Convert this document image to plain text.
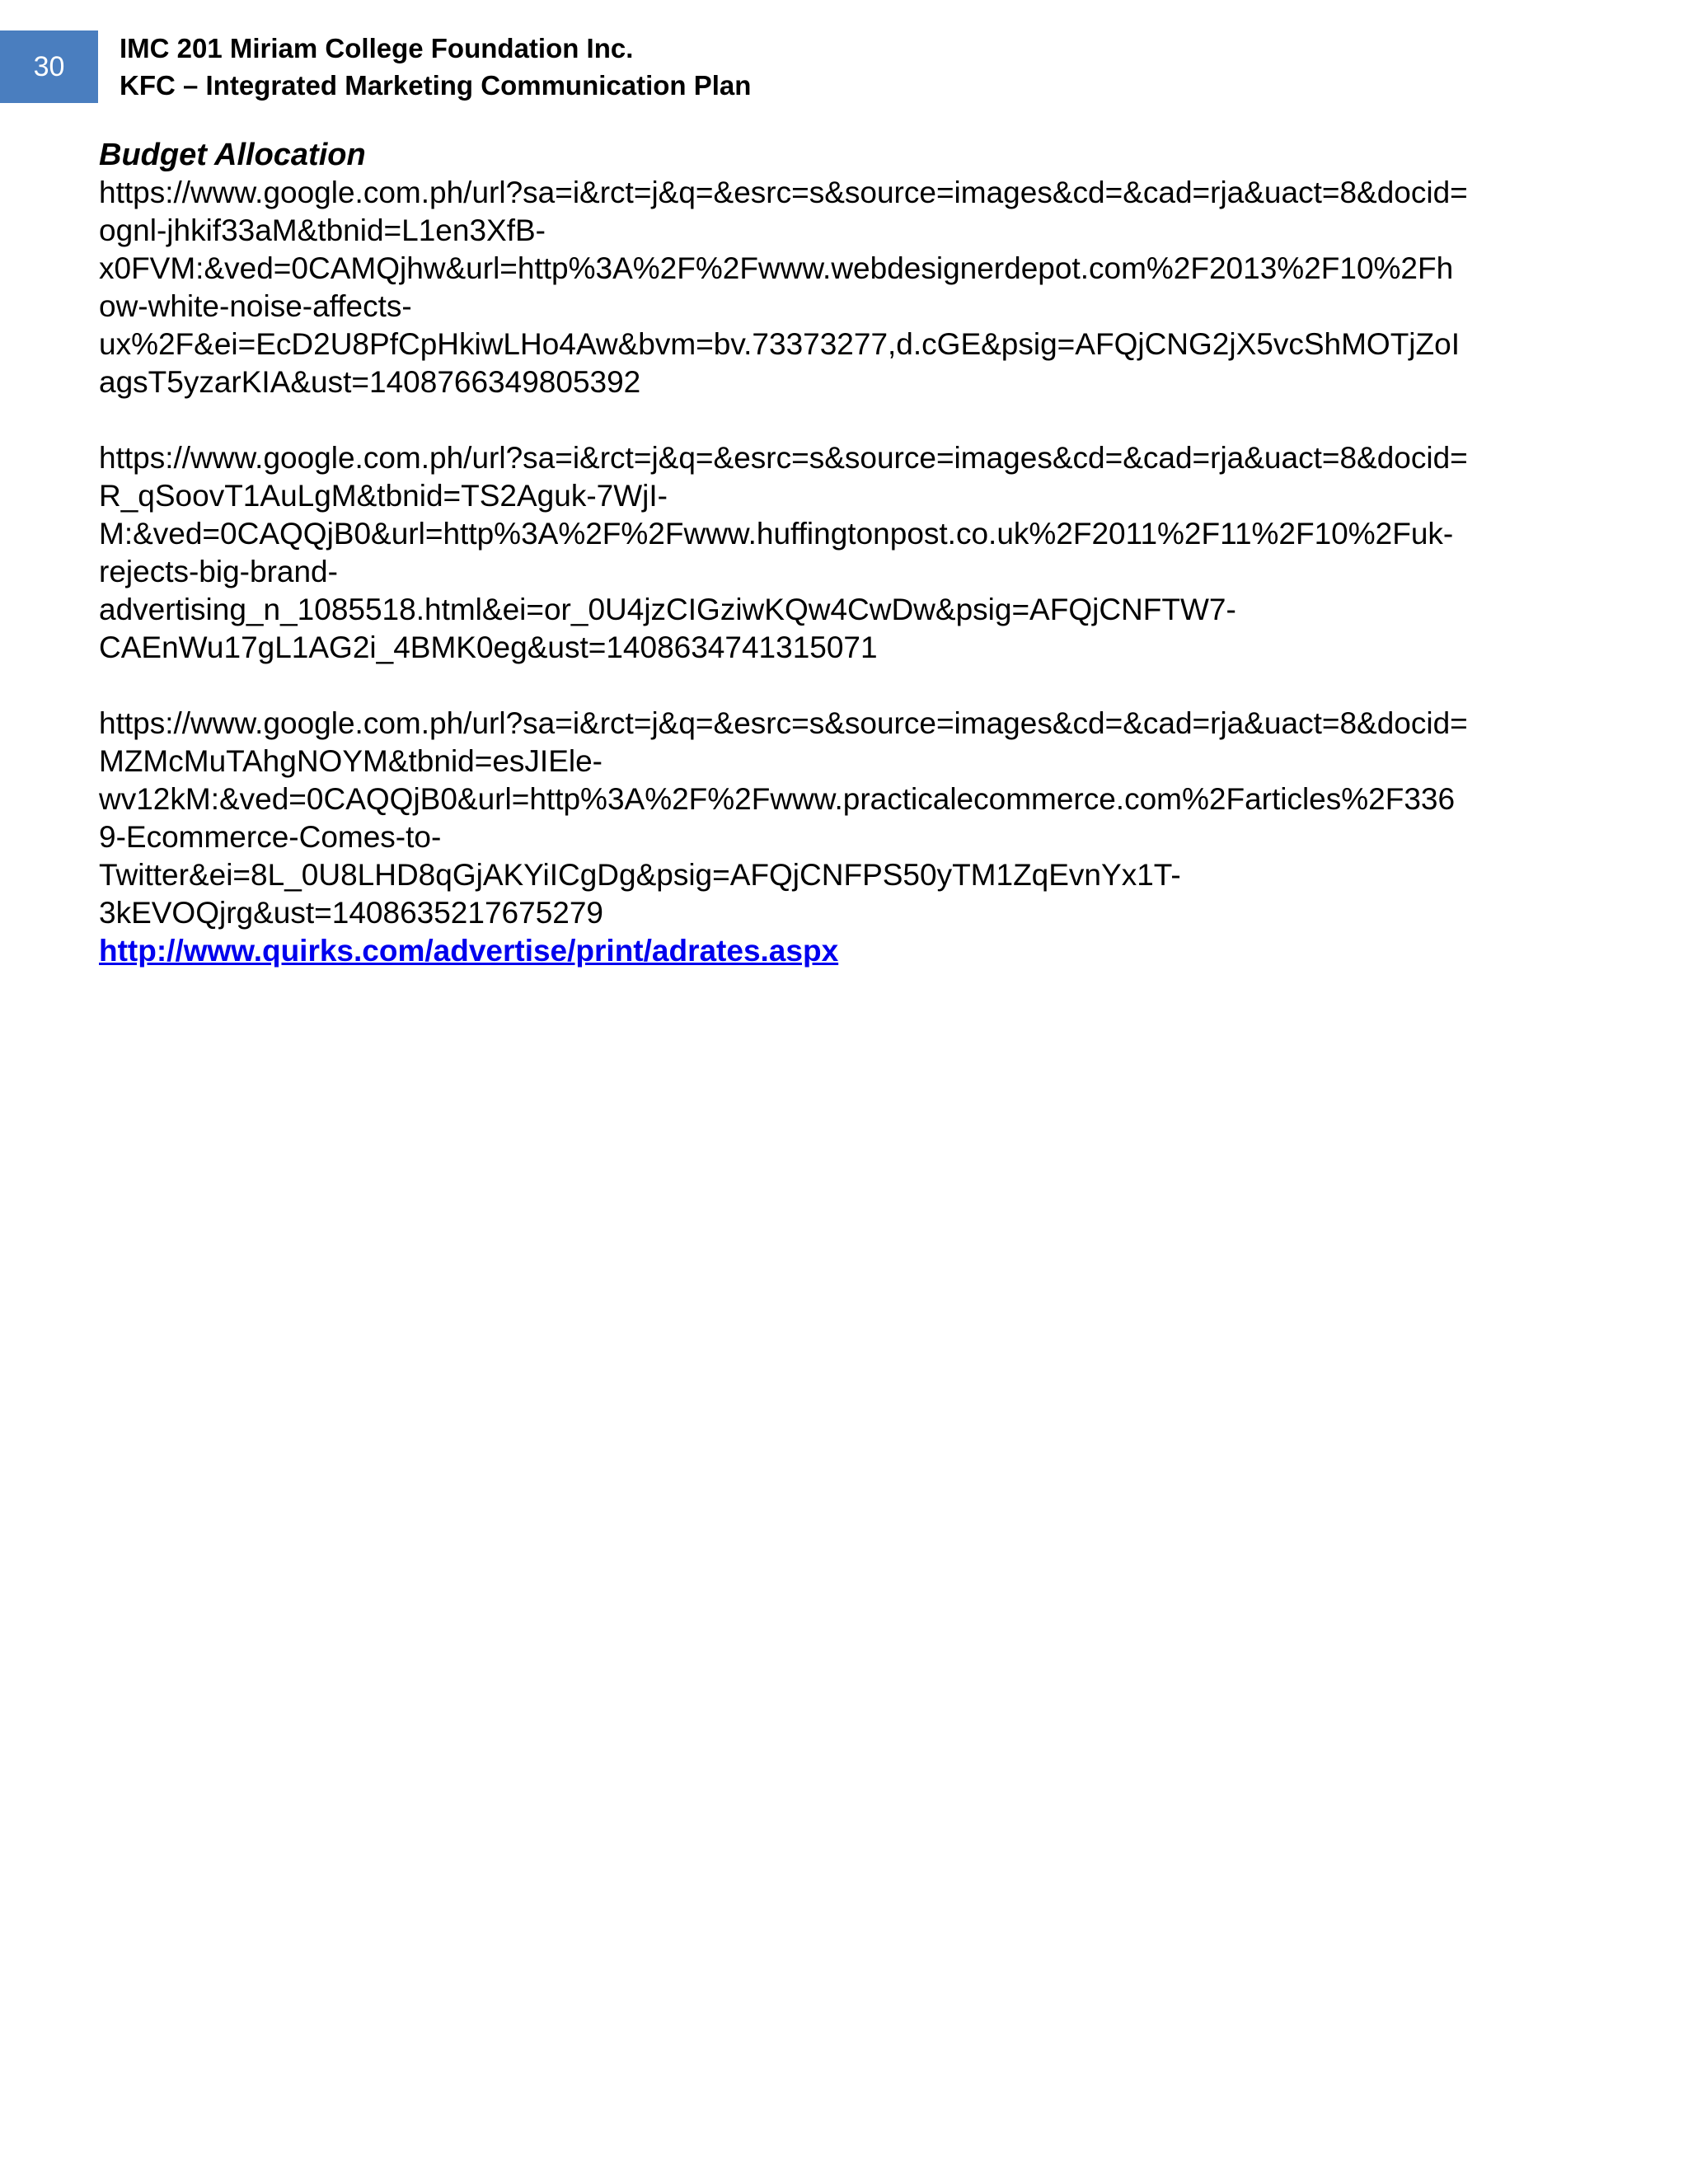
30
IMC 201 Miriam College Foundation Inc.
KFC – Integrated Marketing Communication Plan
Budget Allocation
https://www.google.com.ph/url?sa=i&rct=j&q=&esrc=s&source=images&cd=&cad=rja&uact=8&docid=
ognl-jhkif33aM&tbnid=L1en3XfB-
x0FVM:&ved=0CAMQjhw&url=http%3A%2F%2Fwww.webdesignerdepot.com%2F2013%2F10%2Fh
ow-white-noise-affects-
ux%2F&ei=EcD2U8PfCpHkiwLHo4Aw&bvm=bv.73373277,d.cGE&psig=AFQjCNG2jX5vcShMOTjZoI
agsT5yzarKIA&ust=1408766349805392
https://www.google.com.ph/url?sa=i&rct=j&q=&esrc=s&source=images&cd=&cad=rja&uact=8&docid=
R_qSoovT1AuLgM&tbnid=TS2Aguk-7WjI-
M:&ved=0CAQQjB0&url=http%3A%2F%2Fwww.huffingtonpost.co.uk%2F2011%2F11%2F10%2Fuk-
rejects-big-brand-
advertising_n_1085518.html&ei=or_0U4jzCIGziwKQw4CwDw&psig=AFQjCNFTW7-
CAEnWu17gL1AG2i_4BMK0eg&ust=1408634741315071
https://www.google.com.ph/url?sa=i&rct=j&q=&esrc=s&source=images&cd=&cad=rja&uact=8&docid=
MZMcMuTAhgNOYM&tbnid=esJIEle-
wv12kM:&ved=0CAQQjB0&url=http%3A%2F%2Fwww.practicalecommerce.com%2Farticles%2F336
9-Ecommerce-Comes-to-
Twitter&ei=8L_0U8LHD8qGjAKYiICgDg&psig=AFQjCNFPS50yTM1ZqEvnYx1T-
3kEVOQjrg&ust=1408635217675279
http://www.quirks.com/advertise/print/adrates.aspx
